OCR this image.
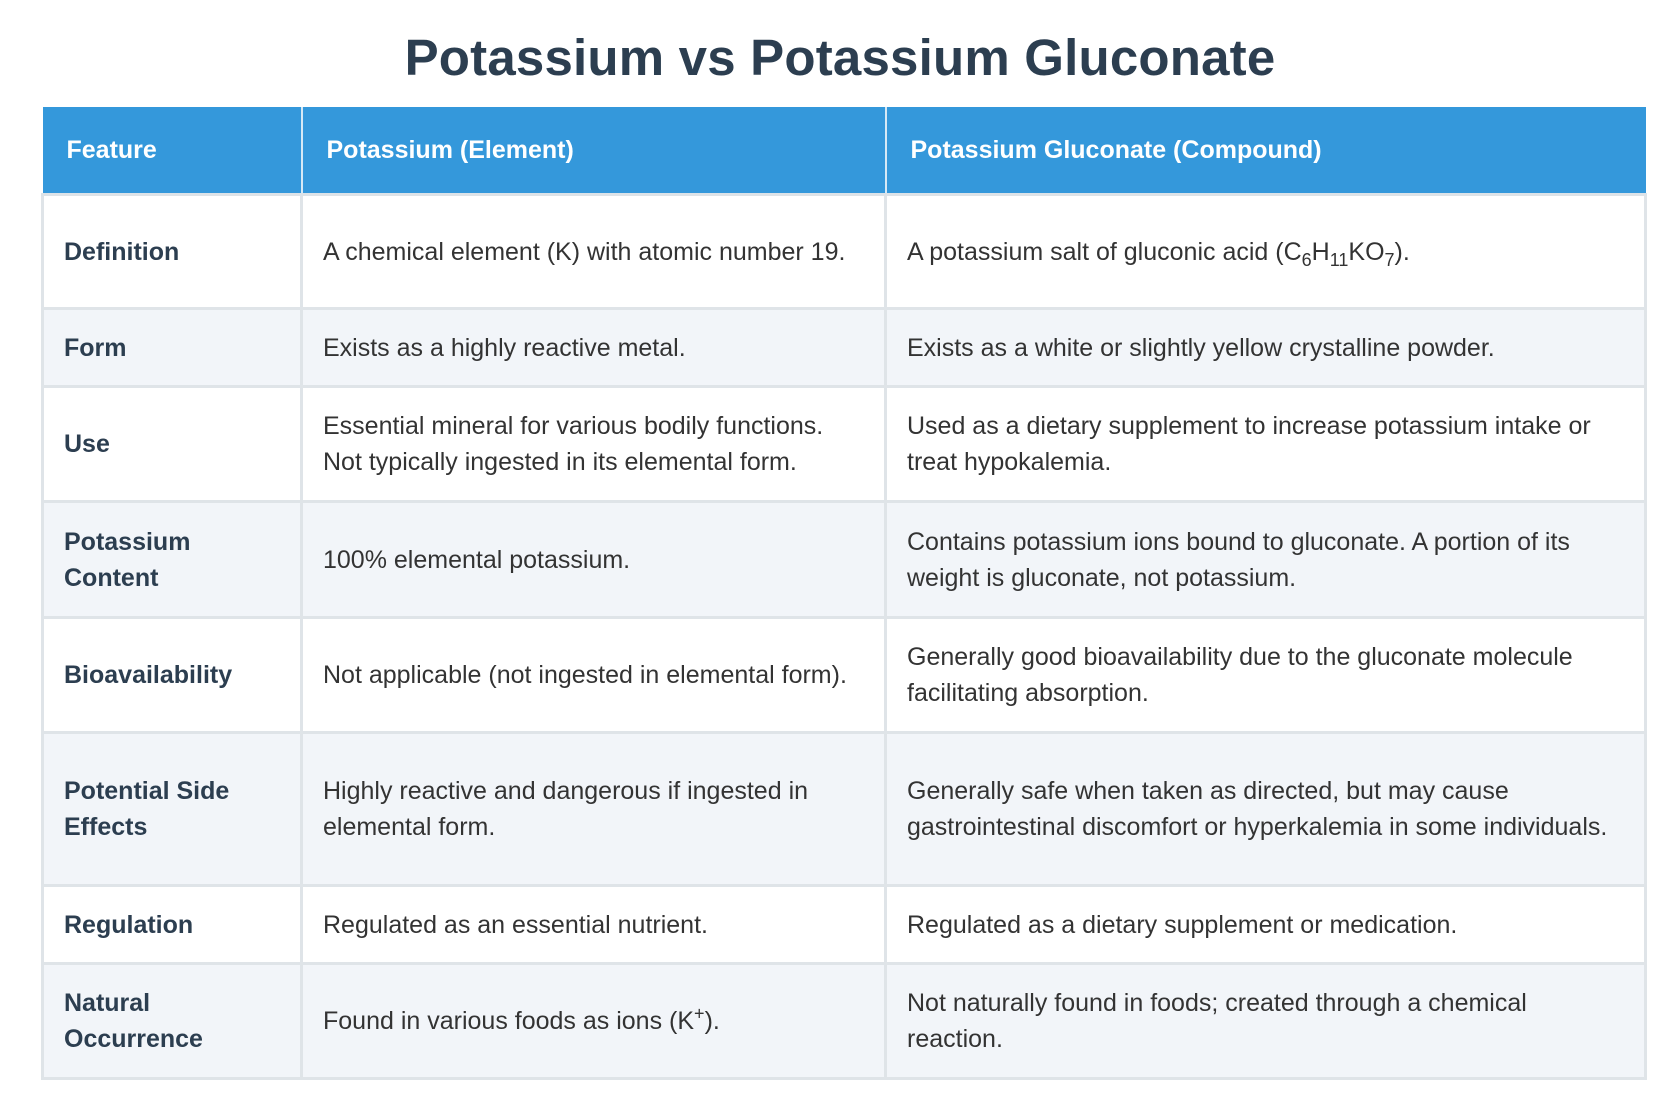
Potassium vs Potassium Gluconate
Feature	Potassium (Element)	Potassium Gluconate (Compound)
Definition	A chemical element (K) with atomic number 19.	A potassium salt of gluconic acid $(C_6H_{11}KO_7)$.
Form	Exists as a highly reactive metal.	Exists as a white or slightly yellow crystalline powder.
Use	Essential mineral for various bodily functions. Not typically ingested in its elemental form.	Used as a dietary supplement to increase potassium intake or treat hypokalemia.
Potassium Content	100% elemental potassium.	Contains potassium ions bound to gluconate. A portion of its weight is gluconate, not potassium.
Bioavailability	Not applicable (not ingested in elemental form).	Generally good bioavailability due to the gluconate molecule facilitating absorption.
Potential Side Effects	Highly reactive and dangerous if ingested in elemental form.	Generally safe when taken as directed, but may cause gastrointestinal discomfort or hyperkalemia in some individuals.
Regulation	Regulated as an essential nutrient.	Regulated as a dietary supplement or medication.
Natural Occurrence	Found in various foods as ions (K+).	Not naturally found in foods; created through a chemical reaction.
